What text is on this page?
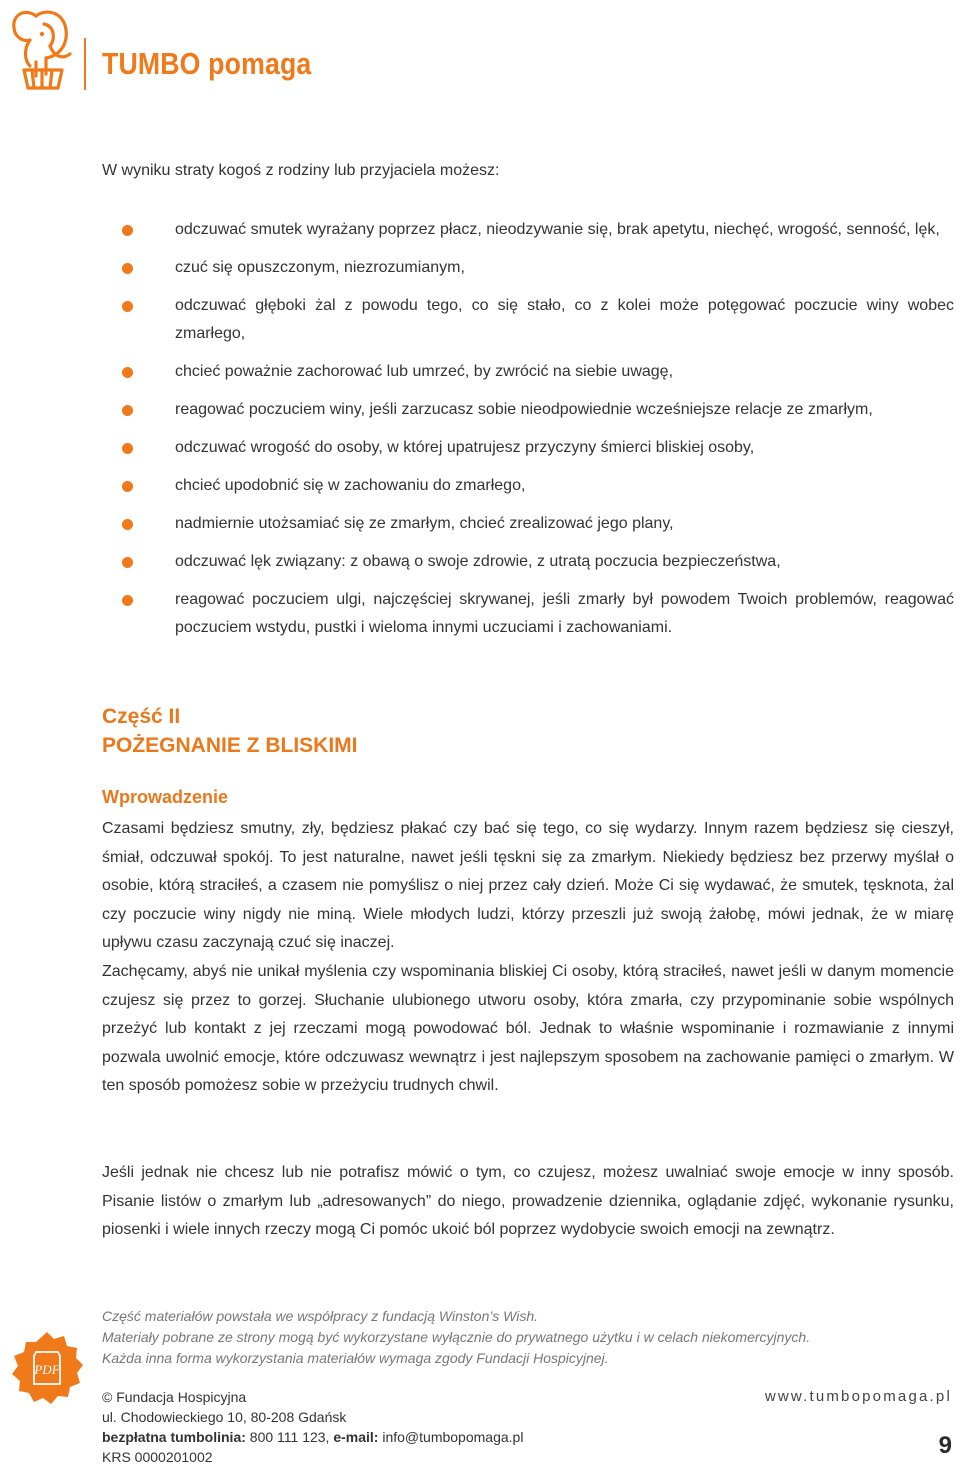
TUMBO pomaga

W wyniku straty kogoś z rodziny lub przyjaciela możesz:

odczuwać smutek wyrażany poprzez płacz, nieodzywanie się, brak apetytu, niechęć, wrogość, senność, lęk,
czuć się opuszczonym, niezrozumianym,
odczuwać głęboki żal z powodu tego, co się stało, co z kolei może potęgować poczucie winy wobec zmarłego,
chcieć poważnie zachorować lub umrzeć, by zwrócić na siebie uwagę,
reagować poczuciem winy, jeśli zarzucasz sobie nieodpowiednie wcześniejsze relacje ze zmarłym,
odczuwać wrogość do osoby, w której upatrujesz przyczyny śmierci bliskiej osoby,
chcieć upodobnić się w zachowaniu do zmarłego,
nadmiernie utożsamiać się ze zmarłym, chcieć zrealizować jego plany,
odczuwać lęk związany: z obawą o swoje zdrowie, z utratą poczucia bezpieczeństwa,
reagować poczuciem ulgi, najczęściej skrywanej, jeśli zmarły był powodem Twoich problemów, reagować poczuciem wstydu, pustki i wieloma innymi uczuciami i zachowaniami.
Część II
POŻEGNANIE Z BLISKIMI
Wprowadzenie

Czasami będziesz smutny, zły, będziesz płakać czy bać się tego, co się wydarzy. Innym razem będziesz się cieszył, śmiał, odczuwał spokój. To jest naturalne, nawet jeśli tęskni się za zmarłym. Niekiedy będziesz bez przerwy myślał o osobie, którą straciłeś, a czasem nie pomyślisz o niej przez cały dzień. Może Ci się wydawać, że smutek, tęsknota, żal czy poczucie winy nigdy nie miną. Wiele młodych ludzi, którzy przeszli już swoją żałobę, mówi jednak, że w miarę upływu czasu zaczynają czuć się inaczej.

Zachęcamy, abyś nie unikał myślenia czy wspominania bliskiej Ci osoby, którą straciłeś, nawet jeśli w danym momencie czujesz się przez to gorzej. Słuchanie ulubionego utworu osoby, która zmarła, czy przypominanie sobie wspólnych przeżyć lub kontakt z jej rzeczami mogą powodować ból. Jednak to właśnie wspominanie i rozmawianie z innymi pozwala uwolnić emocje, które odczuwasz wewnątrz i jest najlepszym sposobem na zachowanie pamięci o zmarłym. W ten sposób pomożesz sobie w przeżyciu trudnych chwil.

Jeśli jednak nie chcesz lub nie potrafisz mówić o tym, co czujesz, możesz uwalniać swoje emocje w inny sposób. Pisanie listów o zmarłym lub „adresowanych” do niego, prowadzenie dziennika, oglądanie zdjęć, wykonanie rysunku, piosenki i wiele innych rzeczy mogą Ci pomóc ukoić ból poprzez wydobycie swoich emocji na zewnątrz.

Część materiałów powstała we współpracy z fundacją Winston’s Wish.
Materiały pobrane ze strony mogą być wykorzystane wyłącznie do prywatnego użytku i w celach niekomercyjnych.
Każda inna forma wykorzystania materiałów wymaga zgody Fundacji Hospicyjnej.
PDF
© Fundacja Hospicyjna
ul. Chodowieckiego 10, 80-208 Gdańsk
bezpłatna tumbolinia: 800 111 123, e-mail: info@tumbopomaga.pl
KRS 0000201002

www.tumbopomaga.pl

9
